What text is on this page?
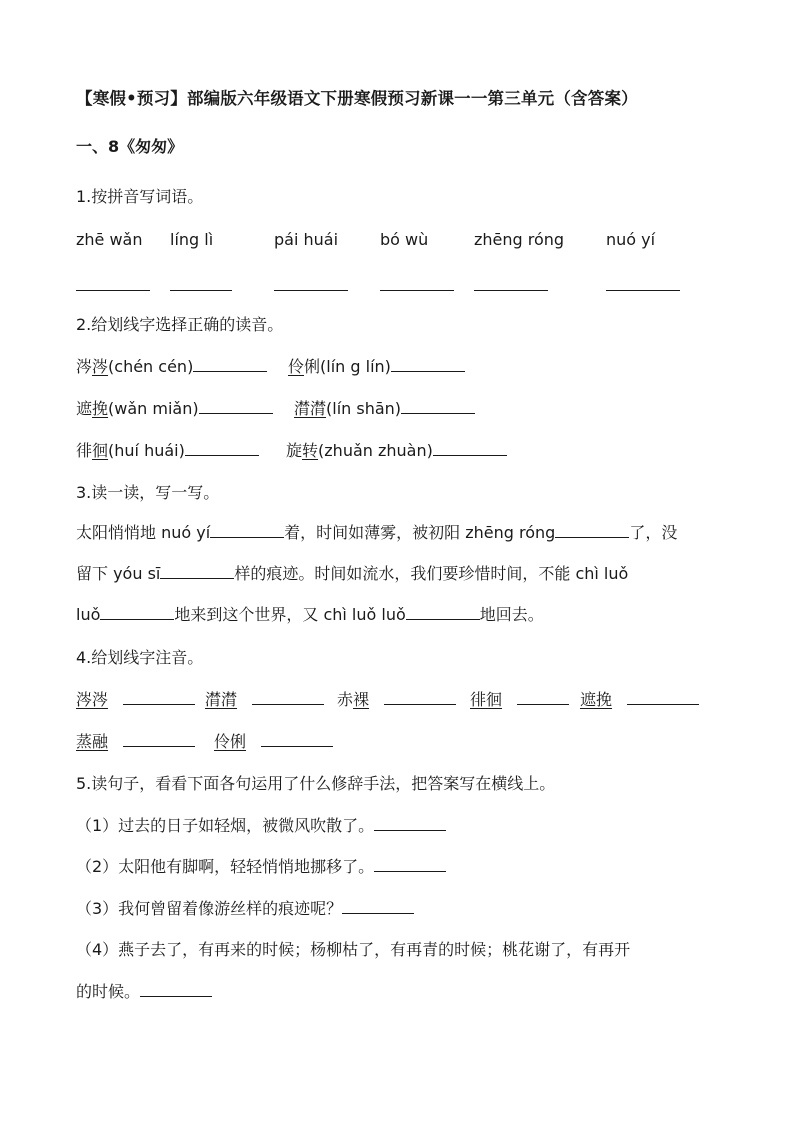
【寒假•预习】部编版六年级语文下册寒假预习新课一一第三单元（含答案）
一、8《匆匆》
1.按拼音写词语。
zhē wǎn líng lì	pái huái	bó wù	zhēng róng	nuó yí
2.给划线字选择正确的读音。
涔涔(chén cén)	伶俐(lín g lín)
遮挽(wǎn miǎn)	潸潸(lín shān)
徘徊(huí huái)	旋转(zhuǎn zhuàn)
3.读一读，写一写。
太阳悄悄地 nuó yí	着，时间如薄雾，被初阳 zhēng róng	了，没
留下 yóu sī	样的痕迹。时间如流水，我们要珍惜时间，不能 chì luǒ
luǒ	地来到这个世界，又 chì luǒ luǒ	地回去。
4.给划线字注音。
涔涔	潸潸	赤裸	徘徊	遮挽
蒸融	伶俐
5.读句子，看看下面各句运用了什么修辞手法，把答案写在横线上。
（1）过去的日子如轻烟，被微风吹散了。
（2）太阳他有脚啊，轻轻悄悄地挪移了。
（3）我何曾留着像游丝样的痕迹呢？
（4）燕子去了，有再来的时候；杨柳枯了，有再青的时候；桃花谢了，有再开
的时候。
